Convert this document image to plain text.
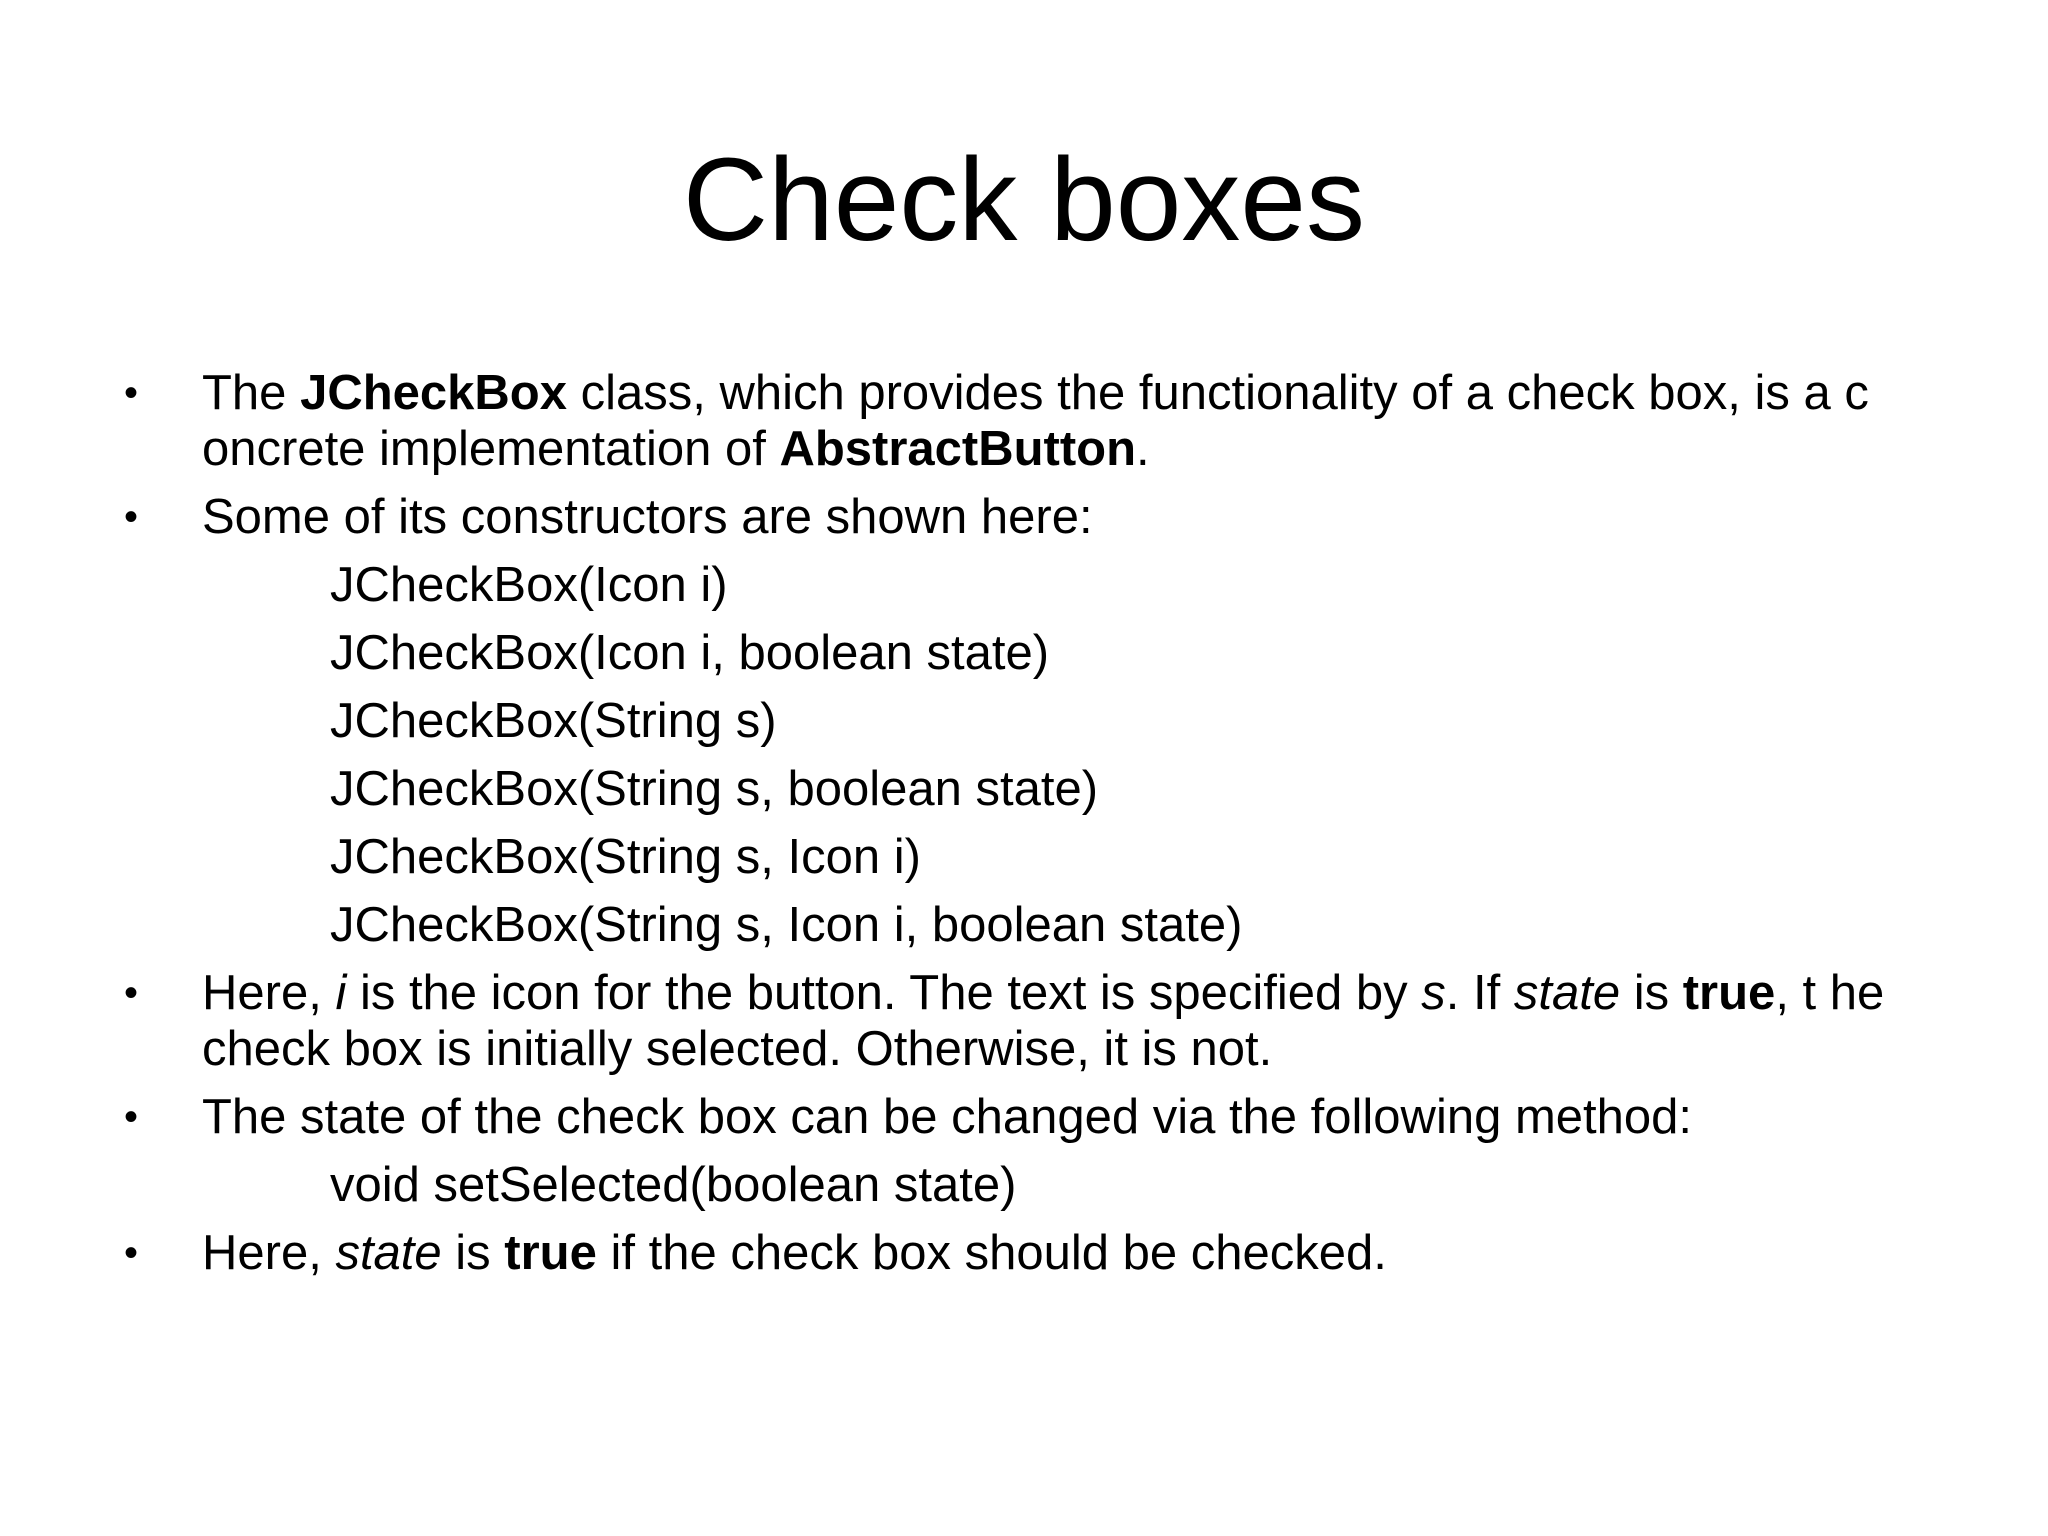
Check boxes
•	The JCheckBox class, which provides the functionality of a check box, is a c oncrete implementation of AbstractButton.
•	Some of its constructors are shown here:
JCheckBox(Icon i)
JCheckBox(Icon i, boolean state)
JCheckBox(String s)
JCheckBox(String s, boolean state)
JCheckBox(String s, Icon i)
JCheckBox(String s, Icon i, boolean state)
•	Here, i is the icon for the button. The text is specified by s. If state is true, t he check box is initially selected. Otherwise, it is not.
•	The state of the check box can be changed via the following method:
void setSelected(boolean state)
•	Here, state is true if the check box should be checked.
